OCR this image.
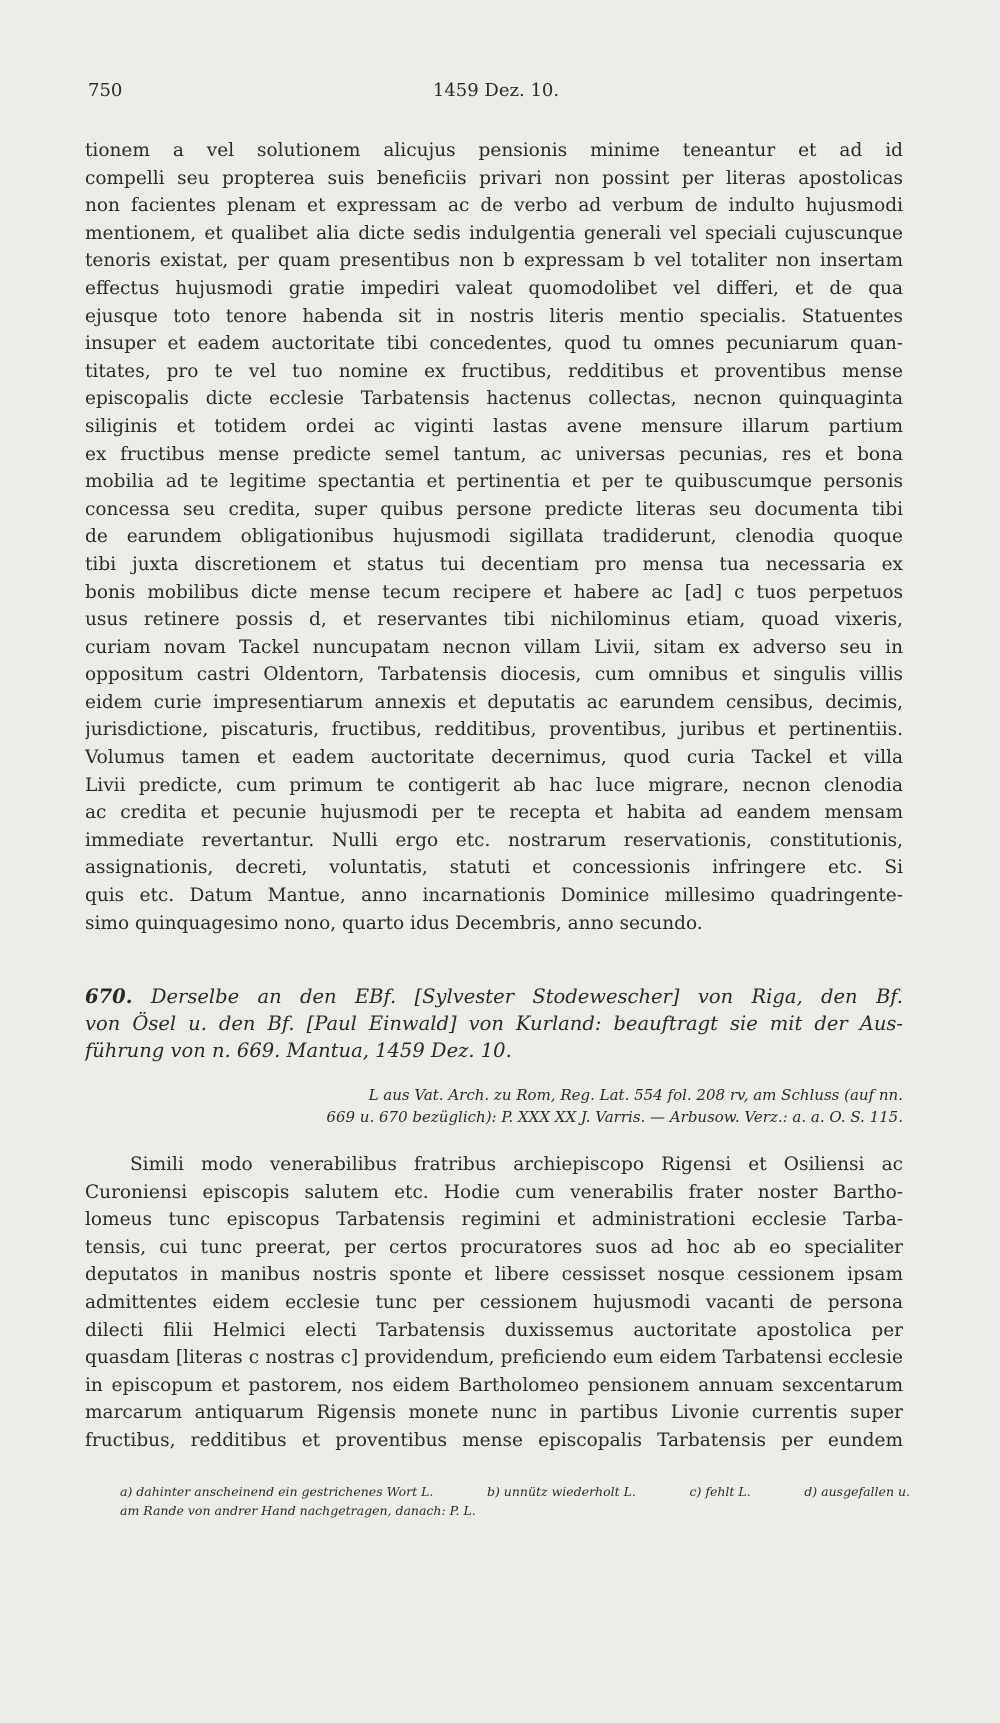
750	1459 Dez. 10.
tionem a vel solutionem alicujus pensionis minime teneantur et ad id
compelli seu propterea suis beneficiis privari non possint per literas apostolicas
non facientes plenam et expressam ac de verbo ad verbum de indulto hujusmodi
mentionem, et qualibet alia dicte sedis indulgentia generali vel speciali cujuscunque
tenoris existat, per quam presentibus non b expressam b vel totaliter non insertam
effectus hujusmodi gratie impediri valeat quomodolibet vel differi, et de qua
ejusque toto tenore habenda sit in nostris literis mentio specialis. Statuentes
insuper et eadem auctoritate tibi concedentes, quod tu omnes pecuniarum quan-
titates, pro te vel tuo nomine ex fructibus, redditibus et proventibus mense
episcopalis dicte ecclesie Tarbatensis hactenus collectas, necnon quinquaginta
siliginis et totidem ordei ac viginti lastas avene mensure illarum partium
ex fructibus mense predicte semel tantum, ac universas pecunias, res et bona
mobilia ad te legitime spectantia et pertinentia et per te quibuscumque personis
concessa seu credita, super quibus persone predicte literas seu documenta tibi
de earundem obligationibus hujusmodi sigillata tradiderunt, clenodia quoque
tibi juxta discretionem et status tui decentiam pro mensa tua necessaria ex
bonis mobilibus dicte mense tecum recipere et habere ac [ad] c tuos perpetuos
usus retinere possis d, et reservantes tibi nichilominus etiam, quoad vixeris,
curiam novam Tackel nuncupatam necnon villam Livii, sitam ex adverso seu in
oppositum castri Oldentorn, Tarbatensis diocesis, cum omnibus et singulis villis
eidem curie impresentiarum annexis et deputatis ac earundem censibus, decimis,
jurisdictione, piscaturis, fructibus, redditibus, proventibus, juribus et pertinentiis.
Volumus tamen et eadem auctoritate decernimus, quod curia Tackel et villa
Livii predicte, cum primum te contigerit ab hac luce migrare, necnon clenodia
ac credita et pecunie hujusmodi per te recepta et habita ad eandem mensam
immediate revertantur. Nulli ergo etc. nostrarum reservationis, constitutionis,
assignationis, decreti, voluntatis, statuti et concessionis infringere etc. Si
quis etc. Datum Mantue, anno incarnationis Dominice millesimo quadringente-
simo quinquagesimo nono, quarto idus Decembris, anno secundo.
670. Derselbe an den EBf. [Sylvester Stodewescher] von Riga, den Bf.
von Ösel u. den Bf. [Paul Einwald] von Kurland: beauftragt sie mit der Aus-
führung von n. 669. Mantua, 1459 Dez. 10.
L aus Vat. Arch. zu Rom, Reg. Lat. 554 fol. 208 rv, am Schluss (auf nn.
669 u. 670 bezüglich): P. XXX XX J. Varris. — Arbusow. Verz.: a. a. O. S. 115.
Simili modo venerabilibus fratribus archiepiscopo Rigensi et Osiliensi ac
Curoniensi episcopis salutem etc. Hodie cum venerabilis frater noster Bartho-
lomeus tunc episcopus Tarbatensis regimini et administrationi ecclesie Tarba-
tensis, cui tunc preerat, per certos procuratores suos ad hoc ab eo specialiter
deputatos in manibus nostris sponte et libere cessisset nosque cessionem ipsam
admittentes eidem ecclesie tunc per cessionem hujusmodi vacanti de persona
dilecti filii Helmici electi Tarbatensis duxissemus auctoritate apostolica per
quasdam [literas c nostras c] providendum, preficiendo eum eidem Tarbatensi ecclesie
in episcopum et pastorem, nos eidem Bartholomeo pensionem annuam sexcentarum
marcarum antiquarum Rigensis monete nunc in partibus Livonie currentis super
fructibus, redditibus et proventibus mense episcopalis Tarbatensis per eundem
a) dahinter anscheinend ein gestrichenes Wort L.	b) unnütz wiederholt L.	c) fehlt L.	d) ausgefallen u.
am Rande von andrer Hand nachgetragen, danach: P. L.
